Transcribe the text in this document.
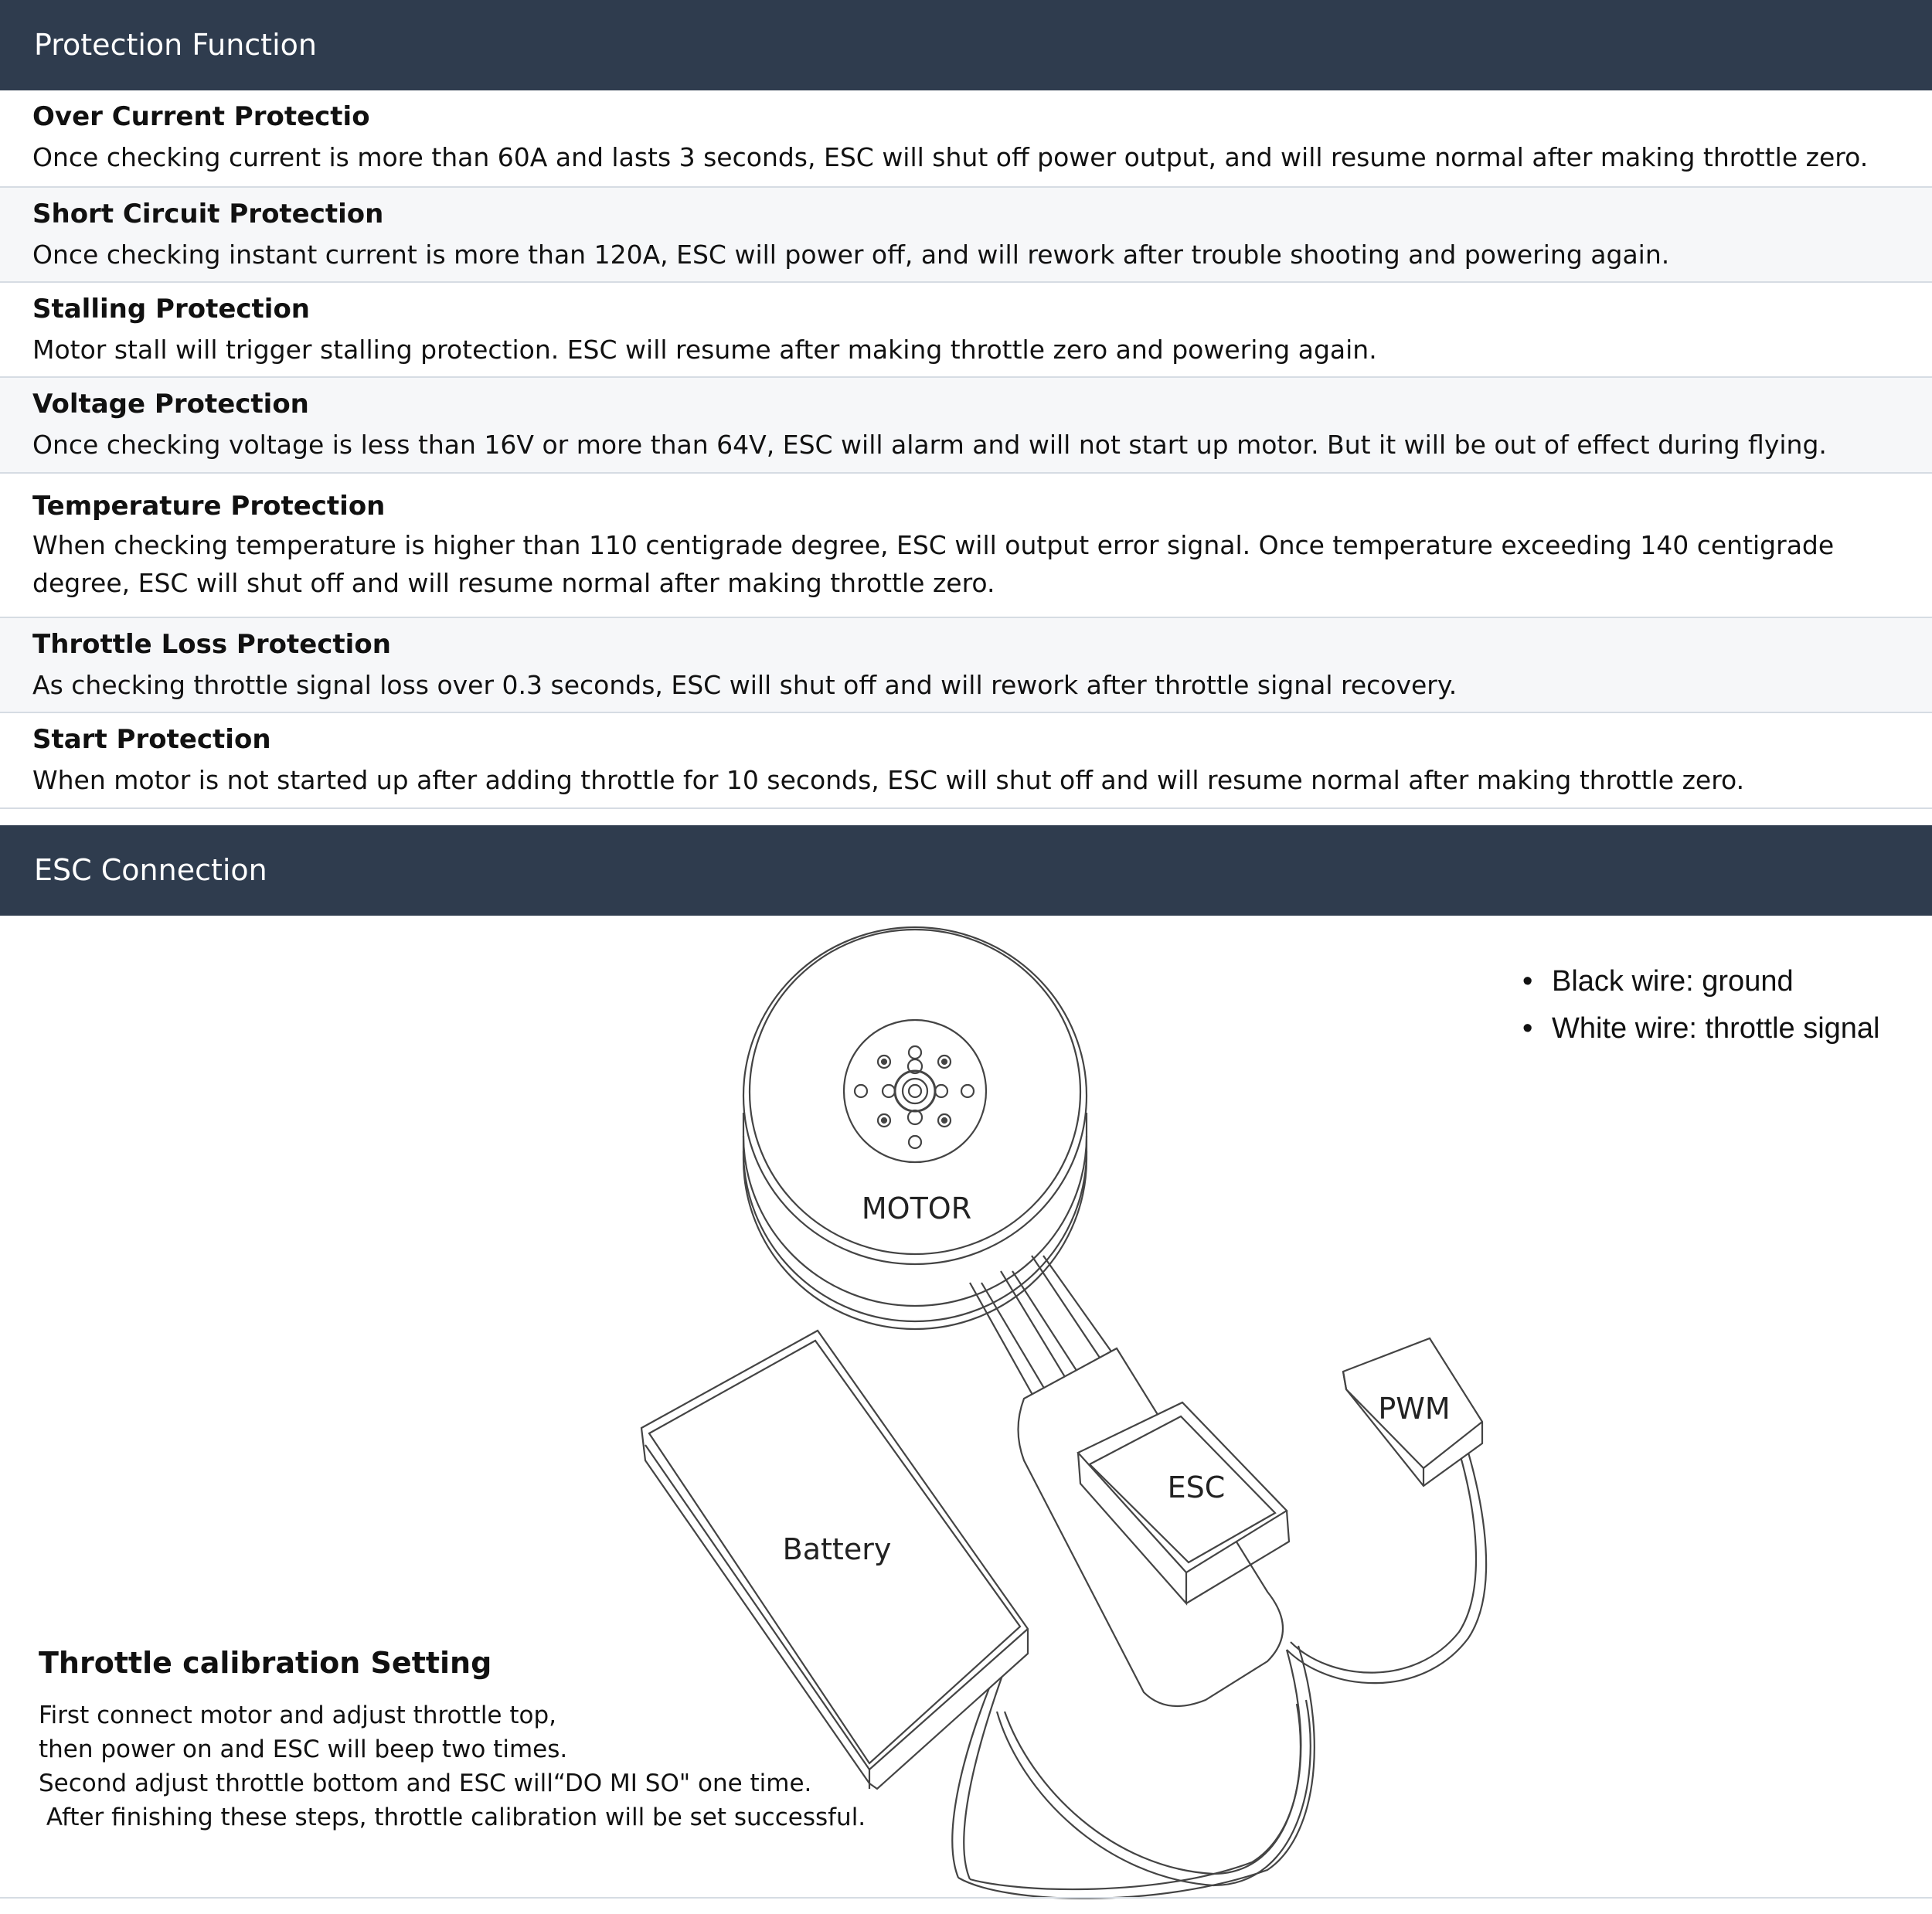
Protection Function
Over Current Protectio
Once checking current is more than 60A and lasts 3 seconds, ESC will shut off power output, and will resume normal after making throttle zero.
Short Circuit Protection
Once checking instant current is more than 120A, ESC will power off, and will rework after trouble shooting and powering again.
Stalling Protection
Motor stall will trigger stalling protection. ESC will resume after making throttle zero and powering again.
Voltage Protection
Once checking voltage is less than 16V or more than 64V, ESC will alarm and will not start up motor. But it will be out of effect during flying.
Temperature Protection
When checking temperature is higher than 110 centigrade degree, ESC will output error signal. Once temperature exceeding 140 centigrade degree, ESC will shut off and will resume normal after making throttle zero.
Throttle Loss Protection
As checking throttle signal loss over 0.3 seconds, ESC will shut off and will rework after throttle signal recovery.
Start Protection
When motor is not started up after adding throttle for 10 seconds, ESC will shut off and will resume normal after making throttle zero.
ESC Connection
MOTOR
ESC
PWM
Battery
• Black wire: ground
• White wire: throttle signal
Throttle calibration Setting

First connect motor and adjust throttle top,

then power on and ESC will beep two times.

Second adjust throttle bottom and ESC will“DO MI SO" one time.

After finishing these steps, throttle calibration will be set successful.
